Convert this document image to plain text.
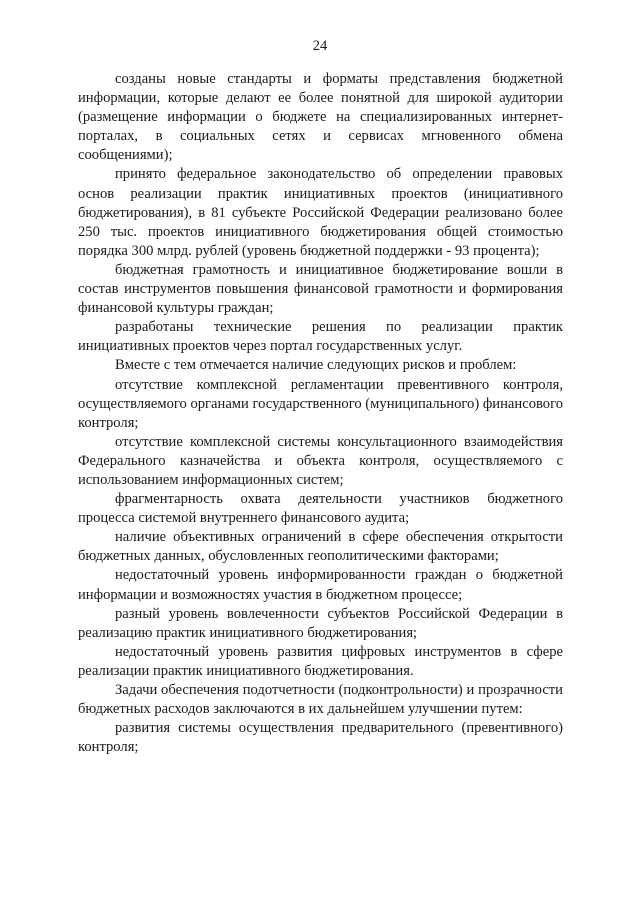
24

созданы новые стандарты и форматы представления бюджетной информации, которые делают ее более понятной для широкой аудитории (размещение информации о бюджете на специализированных интернет-порталах, в социальных сетях и сервисах мгновенного обмена сообщениями);

принято федеральное законодательство об определении правовых основ реализации практик инициативных проектов (инициативного бюджетирования), в 81 субъекте Российской Федерации реализовано более 250 тыс. проектов инициативного бюджетирования общей стоимостью порядка 300 млрд. рублей (уровень бюджетной поддержки - 93 процента);

бюджетная грамотность и инициативное бюджетирование вошли в состав инструментов повышения финансовой грамотности и формирования финансовой культуры граждан;

разработаны технические решения по реализации практик инициативных проектов через портал государственных услуг.

Вместе с тем отмечается наличие следующих рисков и проблем:

отсутствие комплексной регламентации превентивного контроля, осуществляемого органами государственного (муниципального) финансового контроля;

отсутствие комплексной системы консультационного взаимодействия Федерального казначейства и объекта контроля, осуществляемого с использованием информационных систем;

фрагментарность охвата деятельности участников бюджетного процесса системой внутреннего финансового аудита;

наличие объективных ограничений в сфере обеспечения открытости бюджетных данных, обусловленных геополитическими факторами;

недостаточный уровень информированности граждан о бюджетной информации и возможностях участия в бюджетном процессе;

разный уровень вовлеченности субъектов Российской Федерации в реализацию практик инициативного бюджетирования;

недостаточный уровень развития цифровых инструментов в сфере реализации практик инициативного бюджетирования.

Задачи обеспечения подотчетности (подконтрольности) и прозрачности бюджетных расходов заключаются в их дальнейшем улучшении путем:

развития системы осуществления предварительного (превентивного) контроля;
